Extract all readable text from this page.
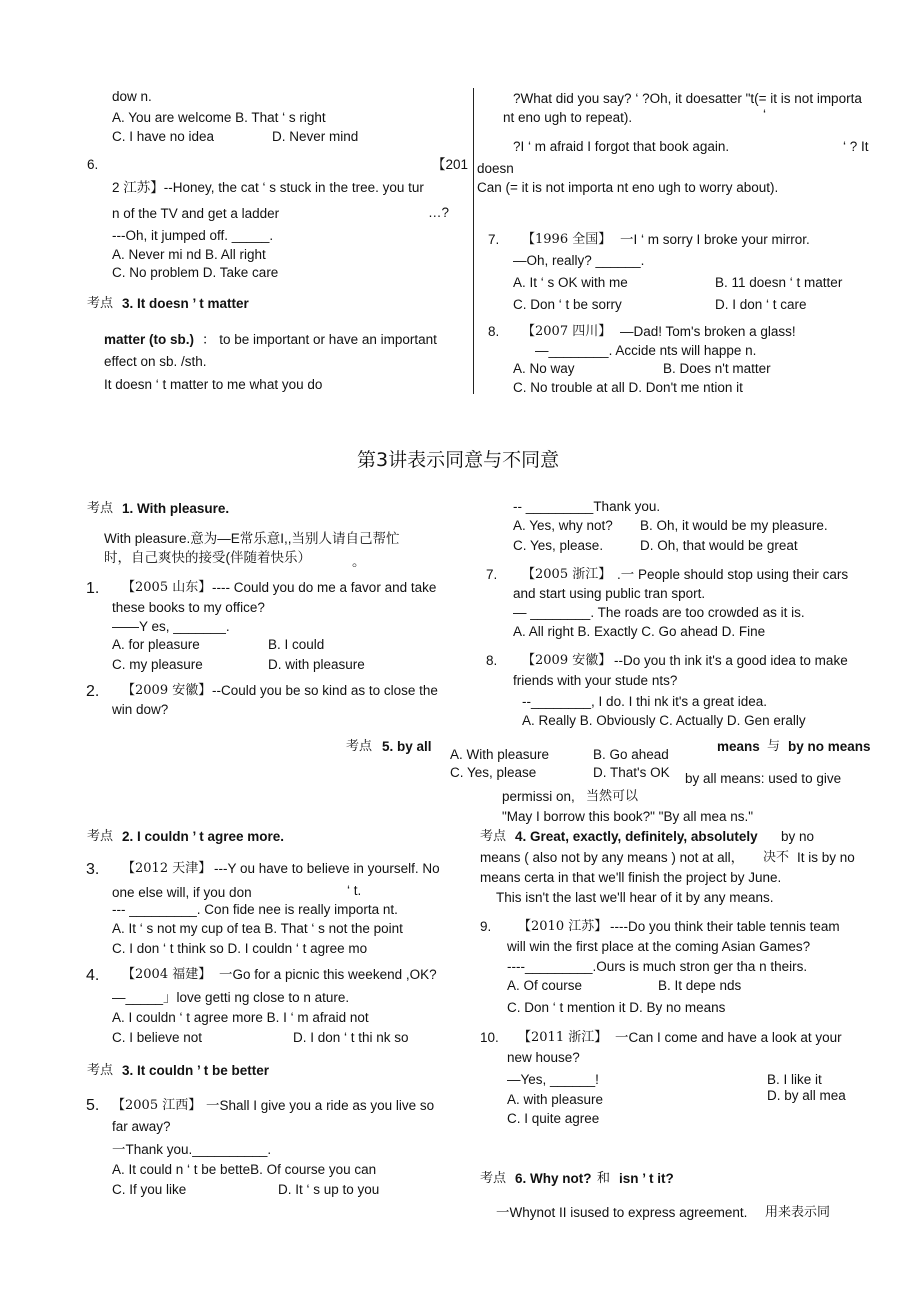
dow n.
A. You are welcome B. That ‘ s right
C. I have no idea	D. Never mind
6.	【201
2 江苏】--Honey, the cat ‘ s stuck in the tree. you tur
n of the TV and get a ladder	…?
---Oh, it jumped off. _____.
A. Never mi nd B. All right
C. No problem D. Take care
考点 3. It doesn ’ t matter
matter (to sb.) ： to be important or have an important
effect on sb. /sth.
It doesn ‘ t matter to me what you do
?What did you say? ‘ ?Oh, it doesatter "t(= it is not importa
nt eno ugh to repeat).	‘
?I ‘ m afraid I forgot that book again.	‘ ? It
doesn
Can (= it is not importa nt eno ugh to worry about).
7. 【1996 全国】 一I ‘ m sorry I broke your mirror.
—Oh, really? ______.
A. It ‘ s OK with me	B. 11 doesn ‘ t matter
C. Don ‘ t be sorry	D. I don ‘ t care
8. 【2007 四川】 —Dad! Tom's broken a glass!
—________. Accide nts will happe n.
A. No way	B. Does n't matter
C. No trouble at all D. Don't me ntion it
第3讲表示同意与不同意
考点 1. With pleasure.
With pleasure.意为—E常乐意I,,当别人请自己帮忙
时，自己爽快的接受(伴随着快乐）	。
1. 【2005 山东】 ---- Could you do me a favor and take
these books to my office?
——Y es, _______.
A. for pleasure	B. I could
C. my pleasure	D. with pleasure
2. 【2009 安徽】 --Could you be so kind as to close the
win dow?
考点 5. by all
A. With pleasure	B. Go ahead
C. Yes, please	D. That's OK
考点 2. I couldn ’ t agree more.
3. 【2012 天津】 ---Y ou have to believe in yourself. No
one else will, if you don	‘ t.
--- _________. Con fide nee is really importa nt.
A. It ‘ s not my cup of tea B. That ‘ s not the point
C. I don ‘ t think so D. I couldn ‘ t agree mo
4. 【2004 福建】 一Go for a picnic this weekend ,OK?
—_____」love getti ng close to n ature.
A. I couldn ‘ t agree more B. I ‘ m afraid not
C. I believe not	D. I don ‘ t thi nk so
考点 3. It couldn ’ t be better
5. 【2005 江西】 一Shall I give you a ride as you live so
far away?
一Thank you.__________.
A. It could n ‘ t be betteB. Of course you can
C. If you like	D. It ‘ s up to you
-- _________Thank you.
A. Yes, why not? B. Oh, it would be my pleasure.
C. Yes, please.	D. Oh, that would be great
7. 【2005 浙江】 .一 People should stop using their cars
and start using public tran sport.
— ________. The roads are too crowded as it is.
A. All right B. Exactly C. Go ahead D. Fine
8. 【2009 安徽】 --Do you th ink it's a good idea to make
friends with your stude nts?
--________, I do. I thi nk it's a great idea.
A. Really B. Obviously C. Actually D. Gen erally
means 与 by no means
by all means: used to give
permissi on, 当然可以
"May I borrow this book?" "By all mea ns."
考点 4. Great, exactly, definitely, absolutely by no
means ( also not by any means ) not at all， 决不 It is by no
means certa in that we'll finish the project by June.
This isn't the last we'll hear of it by any means.
9. 【2010 江苏】 ----Do you think their table tennis team
will win the first place at the coming Asian Games?
----_________.Ours is much stron ger tha n theirs.
A. Of course	B. It depe nds
C. Don ‘ t mention it D. By no means
10. 【2011 浙江】 一Can I come and have a look at your
new house?
—Yes, ______!	B. I like it
A. with pleasure	D. by all mea
C. I quite agree
考点 6. Why not? 和 isn ’ t it?
一Whynot II isused to express agreement. 用来表示同
